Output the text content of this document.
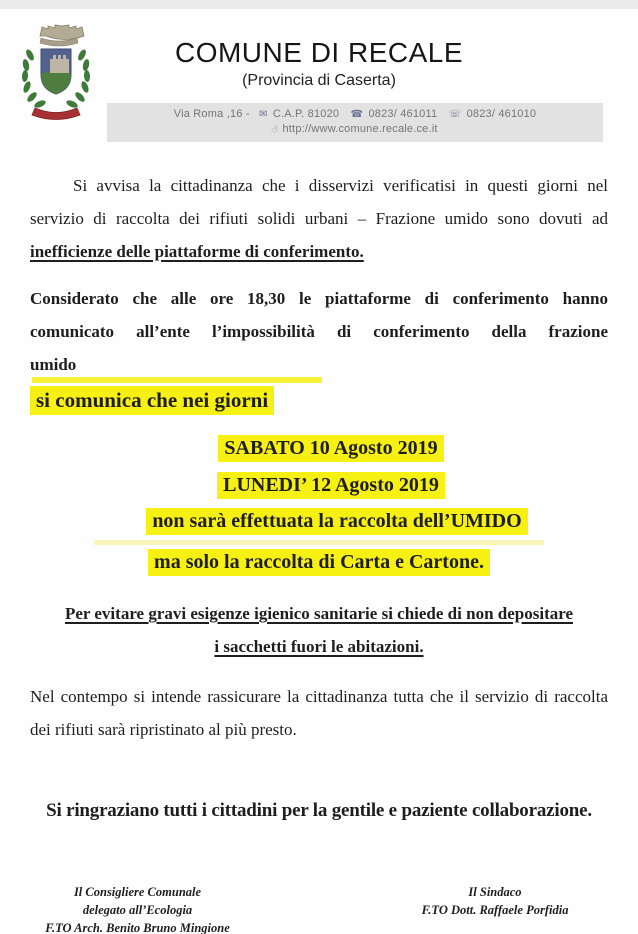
COMUNE DI RECALE
(Provincia di Caserta)
Via Roma ,16 - ✉ C.A.P. 81020 ☎ 0823/ 461011 ☏ 0823/ 461010
☞http://www.comune.recale.ce.it

Si avvisa la cittadinanza che i disservizi verificatisi in questi giorni nel servizio di raccolta dei rifiuti solidi urbani – Frazione umido sono dovuti ad inefficienze delle piattaforme di conferimento.

Considerato che alle ore 18,30 le piattaforme di conferimento hanno comunicato all’ente l’impossibilità di conferimento della frazione umido

si comunica che nei giorni
SABATO 10 Agosto 2019
LUNEDI’ 12 Agosto 2019
non sarà effettuata la raccolta dell’UMIDO
ma solo la raccolta di Carta e Cartone.
Per evitare gravi esigenze igienico sanitarie si chiede di non depositare
i sacchetti fuori le abitazioni.

Nel contempo si intende rassicurare la cittadinanza tutta che il servizio di raccolta dei rifiuti sarà ripristinato al più presto.

Si ringraziano tutti i cittadini per la gentile e paziente collaborazione.

Il Consigliere Comunale
delegato all’Ecologia
F.TO Arch. Benito Bruno Mingione
Il Sindaco
F.TO Dott. Raffaele Porfidia
